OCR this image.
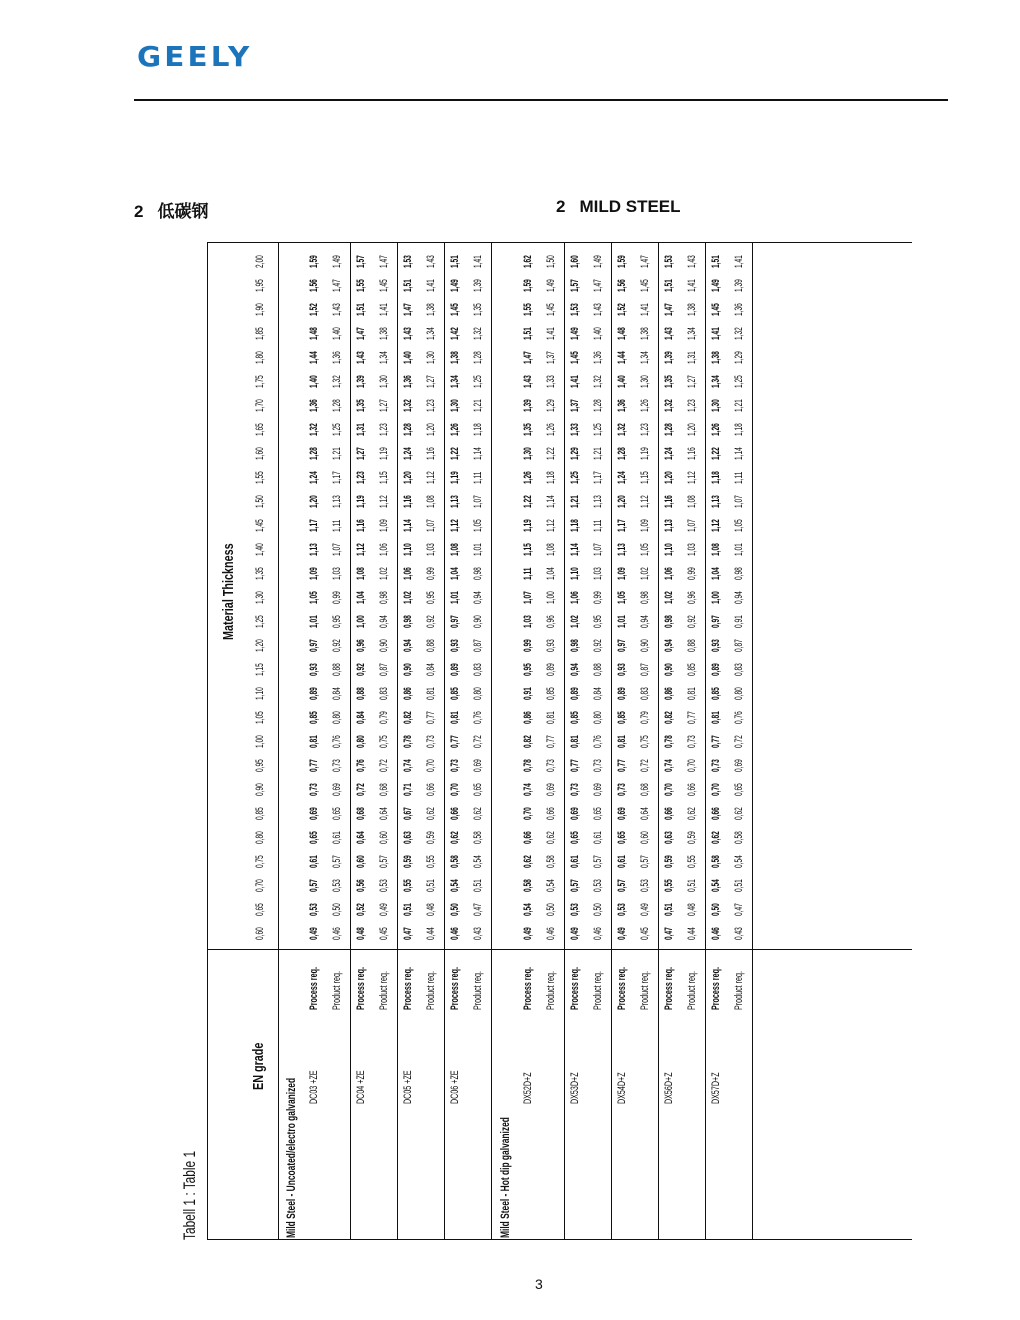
GEELY
2 低碳钢	2 MILD STEEL
Tabell 1 : Table 1
Material Thickness
EN grade
0,60
0,65
0,70
0,75
0,80
0,85
0,90
0,95
1,00
1,05
1,10
1,15
1,20
1,25
1,30
1,35
1,40
1,45
1,50
1,55
1,60
1,65
1,70
1,75
1,80
1,85
1,90
1,95
2,00
Mild Steel - Uncoated/electro galvanized DC03 +ZE
Process req.
0,49
0,53
0,57
0,61
0,65
0,69
0,73
0,77
0,81
0,85
0,89
0,93
0,97
1,01
1,05
1,09
1,13
1,17
1,20
1,24
1,28
1,32
1,36
1,40
1,44
1,48
1,52
1,56
1,59
Product req.
0,46
0,50
0,53
0,57
0,61
0,65
0,69
0,73
0,76
0,80
0,84
0,88
0,92
0,95
0,99
1,03
1,07
1,11
1,13
1,17
1,21
1,25
1,28
1,32
1,36
1,40
1,43
1,47
1,49
DC04 +ZE
Process req.
0,48
0,52
0,56
0,60
0,64
0,68
0,72
0,76
0,80
0,84
0,88
0,92
0,96
1,00
1,04
1,08
1,12
1,16
1,19
1,23
1,27
1,31
1,35
1,39
1,43
1,47
1,51
1,55
1,57
Product req.
0,45
0,49
0,53
0,57
0,60
0,64
0,68
0,72
0,75
0,79
0,83
0,87
0,90
0,94
0,98
1,02
1,06
1,09
1,12
1,15
1,19
1,23
1,27
1,30
1,34
1,38
1,41
1,45
1,47
DC05 +ZE
Process req.
0,47
0,51
0,55
0,59
0,63
0,67
0,71
0,74
0,78
0,82
0,86
0,90
0,94
0,98
1,02
1,06
1,10
1,14
1,16
1,20
1,24
1,28
1,32
1,36
1,40
1,43
1,47
1,51
1,53
Product req.
0,44
0,48
0,51
0,55
0,59
0,62
0,66
0,70
0,73
0,77
0,81
0,84
0,88
0,92
0,95
0,99
1,03
1,07
1,08
1,12
1,16
1,20
1,23
1,27
1,30
1,34
1,38
1,41
1,43
DC06 +ZE
Process req.
0,46
0,50
0,54
0,58
0,62
0,66
0,70
0,73
0,77
0,81
0,85
0,89
0,93
0,97
1,01
1,04
1,08
1,12
1,13
1,19
1,22
1,26
1,30
1,34
1,38
1,42
1,45
1,49
1,51
Product req.
0,43
0,47
0,51
0,54
0,58
0,62
0,65
0,69
0,72
0,76
0,80
0,83
0,87
0,90
0,94
0,98
1,01
1,05
1,07
1,11
1,14
1,18
1,21
1,25
1,28
1,32
1,35
1,39
1,41
Mild Steel - Hot dip galvanized
DX52D+Z
Process req.
0,49
0,54
0,58
0,62
0,66
0,70
0,74
0,78
0,82
0,86
0,91
0,95
0,99
1,03
1,07
1,11
1,15
1,19
1,22
1,26
1,30
1,35
1,39
1,43
1,47
1,51
1,55
1,59
1,62
Product req.
0,46
0,50
0,54
0,58
0,62
0,66
0,69
0,73
0,77
0,81
0,85
0,89
0,93
0,96
1,00
1,04
1,08
1,12
1,14
1,18
1,22
1,26
1,29
1,33
1,37
1,41
1,45
1,49
1,50
DX53D+Z
Process req.
0,49
0,53
0,57
0,61
0,65
0,69
0,73
0,77
0,81
0,85
0,89
0,94
0,98
1,02
1,06
1,10
1,14
1,18
1,21
1,25
1,29
1,33
1,37
1,41
1,45
1,49
1,53
1,57
1,60
Product req.
0,46
0,50
0,53
0,57
0,61
0,65
0,69
0,73
0,76
0,80
0,84
0,88
0,92
0,95
0,99
1,03
1,07
1,11
1,13
1,17
1,21
1,25
1,28
1,32
1,36
1,40
1,43
1,47
1,49
DX54D+Z
Process req.
0,49
0,53
0,57
0,61
0,65
0,69
0,73
0,77
0,81
0,85
0,89
0,93
0,97
1,01
1,05
1,09
1,13
1,17
1,20
1,24
1,28
1,32
1,36
1,40
1,44
1,48
1,52
1,56
1,59
Product req.
0,45
0,49
0,53
0,57
0,60
0,64
0,68
0,72
0,75
0,79
0,83
0,87
0,90
0,94
0,98
1,02
1,05
1,09
1,12
1,15
1,19
1,23
1,26
1,30
1,34
1,38
1,41
1,45
1,47
DX56D+Z
Process req.
0,47
0,51
0,55
0,59
0,63
0,66
0,70
0,74
0,78
0,82
0,86
0,90
0,94
0,98
1,02
1,06
1,10
1,13
1,16
1,20
1,24
1,28
1,32
1,35
1,39
1,43
1,47
1,51
1,53
Product req.
0,44
0,48
0,51
0,55
0,59
0,62
0,66
0,70
0,73
0,77
0,81
0,85
0,88
0,92
0,96
0,99
1,03
1,07
1,08
1,12
1,16
1,20
1,23
1,27
1,31
1,34
1,38
1,41
1,43
DX57D+Z
Process req.
0,46
0,50
0,54
0,58
0,62
0,66
0,70
0,73
0,77
0,81
0,85
0,89
0,93
0,97
1,00
1,04
1,08
1,12
1,13
1,18
1,22
1,26
1,30
1,34
1,38
1,41
1,45
1,49
1,51
Product req.
0,43
0,47
0,51
0,54
0,58
0,62
0,65
0,69
0,72
0,76
0,80
0,83
0,87
0,91
0,94
0,98
1,01
1,05
1,07
1,11
1,14
1,18
1,21
1,25
1,29
1,32
1,36
1,39
1,41
3
